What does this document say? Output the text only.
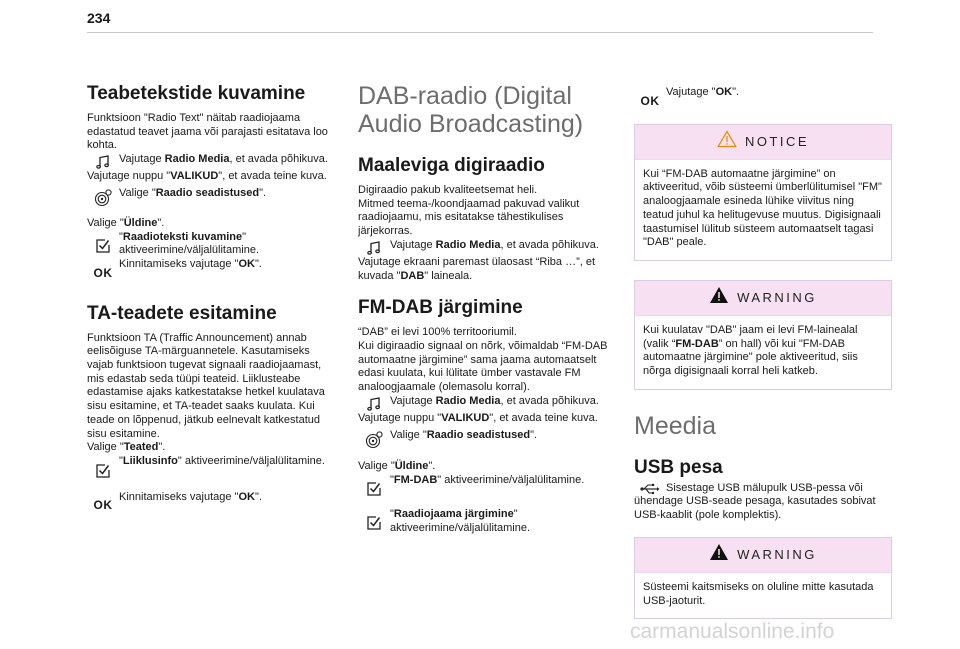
234
Teabetekstide kuvamine

Funktsioon "Radio Text" näitab raadiojaama edastatud teavet jaama või parajasti esitatava loo kohta.

Vajutage Radio Media, et avada põhikuva.

Vajutage nuppu "VALIKUD", et avada teine kuva.

Valige "Raadio seadistused".

Valige "Üldine".

"Raadioteksti kuvamine" aktiveerimine/väljalülitamine.
OK
Kinnitamiseks vajutage "OK".
TA-teadete esitamine

Funktsioon TA (Traffic Announcement) annab eelisõiguse TA-märguannetele. Kasutamiseks vajab funktsioon tugevat signaali raadiojaamast, mis edastab seda tüüpi teateid. Liiklusteabe edastamise ajaks katkestatakse hetkel kuulatava sisu esitamine, et TA-teadet saaks kuulata. Kui teade on lõppenud, jätkub eelnevalt katkestatud sisu esitamine.

Valige "Teated".

"Liiklusinfo" aktiveerimine/väljalülitamine.
OK
Kinnitamiseks vajutage "OK".
DAB-raadio (Digital Audio Broadcasting)
Maaleviga digiraadio

Digiraadio pakub kvaliteetsemat heli.

Mitmed teema-/koondjaamad pakuvad valikut raadiojaamu, mis esitatakse tähestikulises järjekorras.

Vajutage Radio Media, et avada põhikuva.

Vajutage ekraani paremast ülaosast “Riba …”, et kuvada "DAB" laineala.

FM-DAB järgimine

“DAB” ei levi 100% territooriumil.

Kui digiraadio signaal on nõrk, võimaldab “FM-DAB automaatne järgimine” sama jaama automaatselt edasi kuulata, kui lülitate ümber vastavale FM analoogjaamale (olemasolu korral).

Vajutage Radio Media, et avada põhikuva.

Vajutage nuppu "VALIKUD", et avada teine kuva.

Valige "Raadio seadistused".

Valige "Üldine".

"FM-DAB" aktiveerimine/väljalülitamine.
"Raadiojaama järgimine" aktiveerimine/väljalülitamine.
OK
Vajutage "OK".
NOTICE
Kui “FM-DAB automaatne järgimine” on aktiveeritud, võib süsteemi ümberlülitumisel "FM" analoogjaamale esineda lühike viivitus ning teatud juhul ka helitugevuse muutus. Digisignaali taastumisel lülitub süsteem automaatselt tagasi "DAB" peale.
WARNING
Kui kuulatav "DAB" jaam ei levi FM-lainealal (valik “FM-DAB” on hall) või kui "FM-DAB automaatne järgimine" pole aktiveeritud, siis nõrga digisignaali korral heli katkeb.
Meedia
USB pesa

Sisestage USB mälupulk USB-pessa või ühendage USB-seade pesaga, kasutades sobivat USB-kaablit (pole komplektis).

WARNING
Süsteemi kaitsmiseks on oluline mitte kasutada USB-jaoturit.
carmanualsonline.info
